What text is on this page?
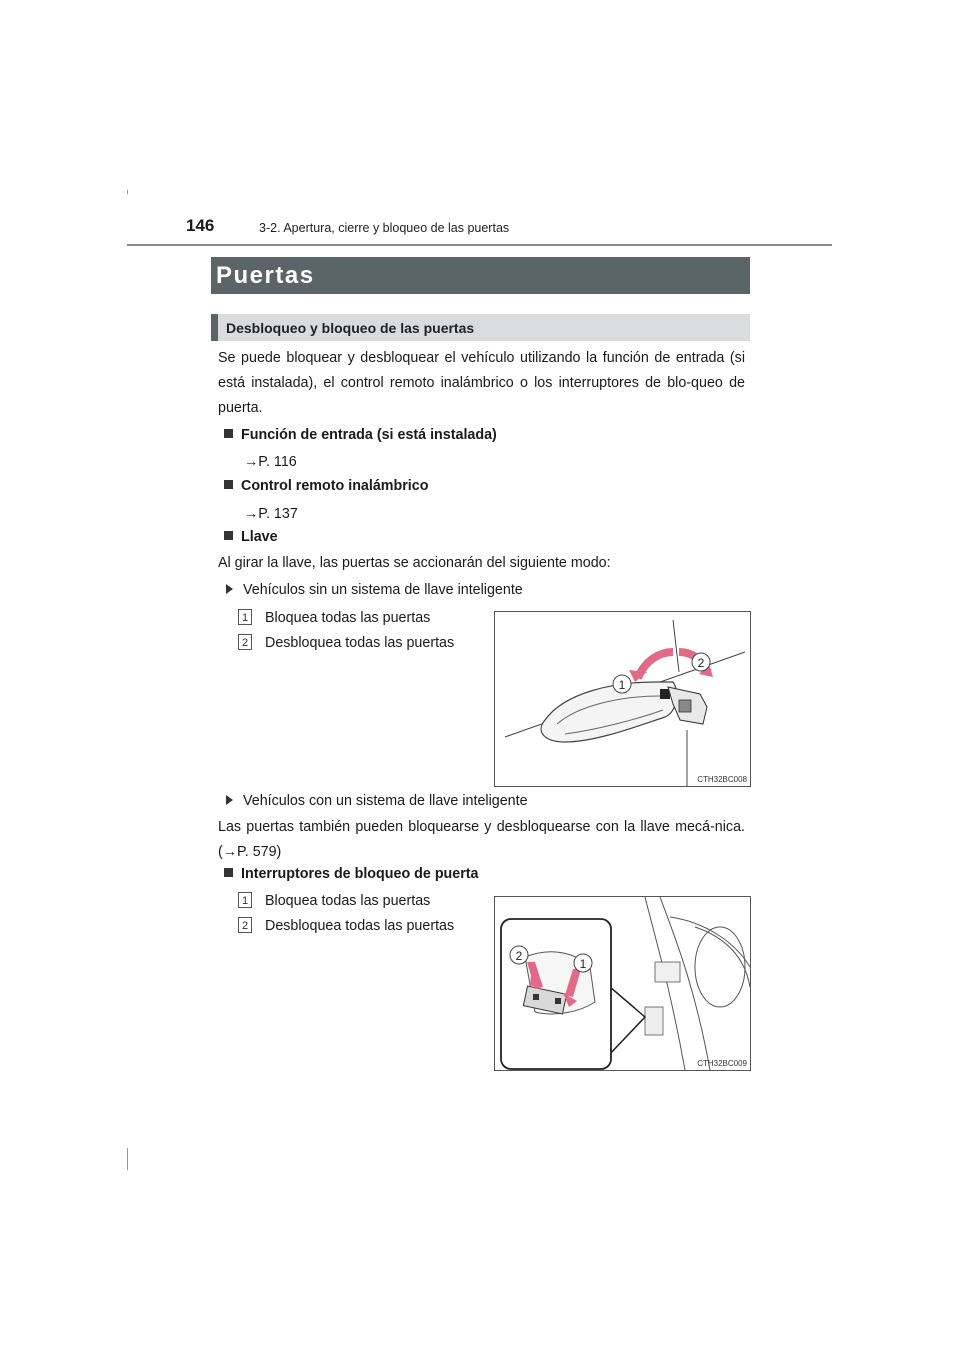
146	3-2. Apertura, cierre y bloqueo de las puertas
Puertas
Desbloqueo y bloqueo de las puertas
Se puede bloquear y desbloquear el vehículo utilizando la función de entrada (si está instalada), el control remoto inalámbrico o los interruptores de blo-queo de puerta.
Función de entrada (si está instalada)
→P. 116
Control remoto inalámbrico
→P. 137
Llave
Al girar la llave, las puertas se accionarán del siguiente modo:
Vehículos sin un sistema de llave inteligente
1 Bloquea todas las puertas
2 Desbloquea todas las puertas
1
2
CTH32BC008
Vehículos con un sistema de llave inteligente
Las puertas también pueden bloquearse y desbloquearse con la llave mecá-nica. (→P. 579)
Interruptores de bloqueo de puerta
1 Bloquea todas las puertas
2 Desbloquea todas las puertas
2
1
CTH32BC009
